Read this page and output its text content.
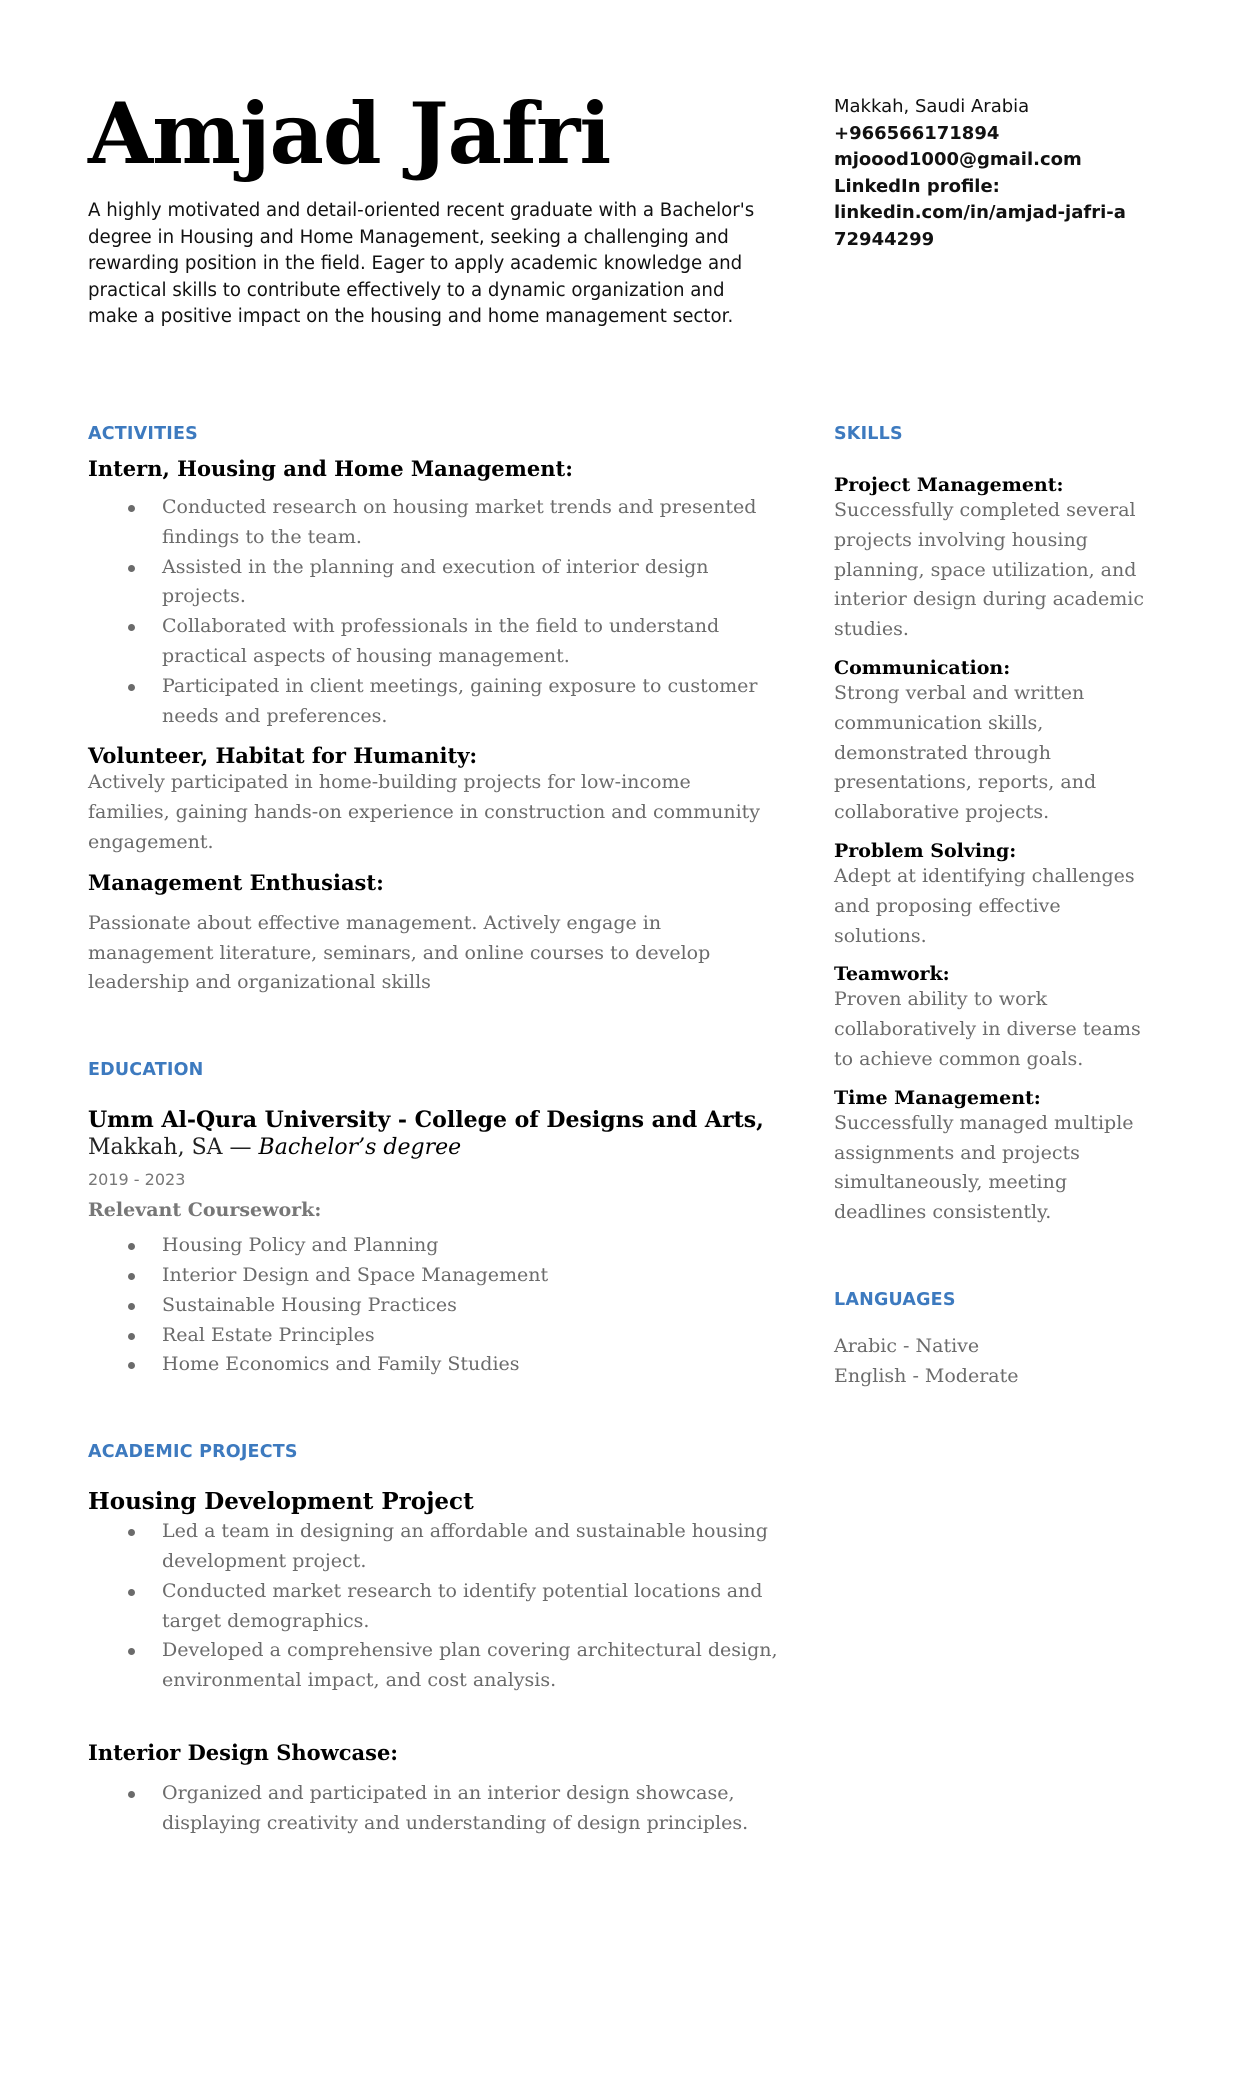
Amjad Jafri
A highly motivated and detail-oriented recent graduate with a Bachelor's degree in Housing and Home Management, seeking a challenging and rewarding position in the field. Eager to apply academic knowledge and practical skills to contribute effectively to a dynamic organization and make a positive impact on the housing and home management sector.
Makkah, Saudi Arabia
+966566171894
mjoood1000@gmail.com
LinkedIn profile:
linkedin.com/in/amjad-jafri-a
72944299
ACTIVITIES
Intern, Housing and Home Management:
Conducted research on housing market trends and presented findings to the team.
Assisted in the planning and execution of interior design projects.
Collaborated with professionals in the field to understand practical aspects of housing management.
Participated in client meetings, gaining exposure to customer needs and preferences.
Volunteer, Habitat for Humanity:
Actively participated in home-building projects for low-income families, gaining hands-on experience in construction and community engagement.
Management Enthusiast:
Passionate about effective management. Actively engage in management literature, seminars, and online courses to develop leadership and organizational skills
EDUCATION
Umm Al-Qura University - College of Designs and Arts,
Makkah, SA — Bachelor’s degree
2019 - 2023
Relevant Coursework:
Housing Policy and Planning
Interior Design and Space Management
Sustainable Housing Practices
Real Estate Principles
Home Economics and Family Studies
ACADEMIC PROJECTS
Housing Development Project
Led a team in designing an affordable and sustainable housing development project.
Conducted market research to identify potential locations and target demographics.
Developed a comprehensive plan covering architectural design, environmental impact, and cost analysis.
Interior Design Showcase:
Organized and participated in an interior design showcase, displaying creativity and understanding of design principles.
SKILLS
Project Management:
Successfully completed several projects involving housing planning, space utilization, and interior design during academic studies.
Communication:
Strong verbal and written communication skills, demonstrated through presentations, reports, and collaborative projects.
Problem Solving:
Adept at identifying challenges and proposing effective solutions.
Teamwork:
Proven ability to work collaboratively in diverse teams to achieve common goals.
Time Management:
Successfully managed multiple assignments and projects simultaneously, meeting deadlines consistently.
LANGUAGES
Arabic - Native
English - Moderate
